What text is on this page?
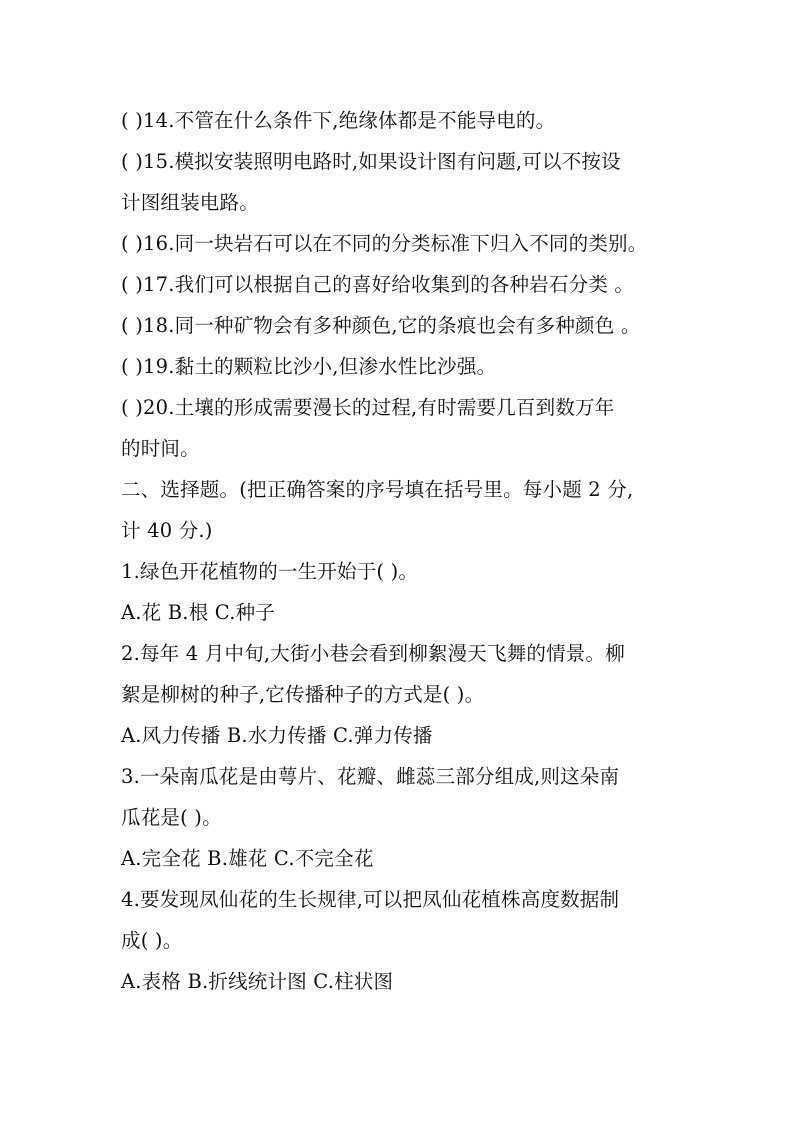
( )14.不管在什么条件下,绝缘体都是不能导电的。
( )15.模拟安装照明电路时,如果设计图有问题,可以不按设
计图组装电路。
( )16.同一块岩石可以在不同的分类标准下归入不同的类别。
( )17.我们可以根据自己的喜好给收集到的各种岩石分类 。
( )18.同一种矿物会有多种颜色,它的条痕也会有多种颜色 。
( )19.黏土的颗粒比沙小,但渗水性比沙强。
( )20.土壤的形成需要漫长的过程,有时需要几百到数万年
的时间。
二、选择题。(把正确答案的序号填在括号里。每小题 2 分,
计 40 分.)
1.绿色开花植物的一生开始于( )。
A.花 B.根 C.种子
2.每年 4 月中旬,大街小巷会看到柳絮漫天飞舞的情景。柳
絮是柳树的种子,它传播种子的方式是( )。
A.风力传播 B.水力传播 C.弹力传播
3.一朵南瓜花是由萼片、花瓣、雌蕊三部分组成,则这朵南
瓜花是( )。
A.完全花 B.雄花 C.不完全花
4.要发现凤仙花的生长规律,可以把凤仙花植株高度数据制
成( )。
A.表格 B.折线统计图 C.柱状图
